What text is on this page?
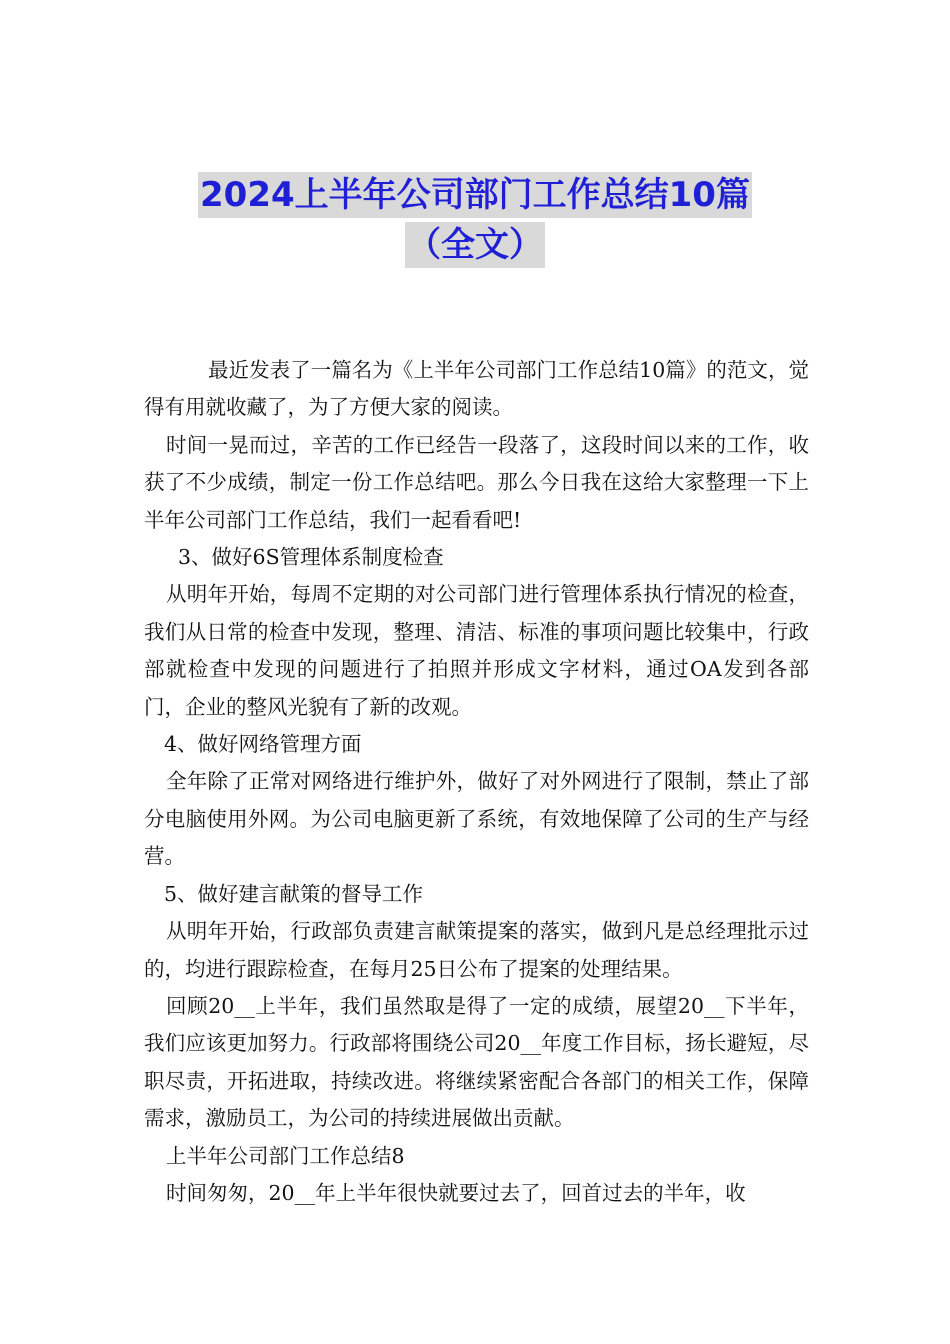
2024上半年公司部门工作总结10篇
（全文）

最近发表了一篇名为《上半年公司部门工作总结10篇》的范文，觉得有用就收藏了，为了方便大家的阅读。

时间一晃而过，辛苦的工作已经告一段落了，这段时间以来的工作，收获了不少成绩，制定一份工作总结吧。那么今日我在这给大家整理一下上半年公司部门工作总结，我们一起看看吧!

3、做好6S管理体系制度检查

从明年开始，每周不定期的对公司部门进行管理体系执行情况的检查，我们从日常的检查中发现，整理、清洁、标准的事项问题比较集中，行政部就检查中发现的问题进行了拍照并形成文字材料，通过OA发到各部门，企业的整风光貌有了新的改观。

4、做好网络管理方面

全年除了正常对网络进行维护外，做好了对外网进行了限制，禁止了部分电脑使用外网。为公司电脑更新了系统，有效地保障了公司的生产与经营。

5、做好建言献策的督导工作

从明年开始，行政部负责建言献策提案的落实，做到凡是总经理批示过的，均进行跟踪检查，在每月25日公布了提案的处理结果。

回顾20__上半年，我们虽然取是得了一定的成绩，展望20__下半年，我们应该更加努力。行政部将围绕公司20__年度工作目标，扬长避短，尽职尽责，开拓进取，持续改进。将继续紧密配合各部门的相关工作，保障需求，激励员工，为公司的持续进展做出贡献。

上半年公司部门工作总结8

时间匆匆，20__年上半年很快就要过去了，回首过去的半年，收
